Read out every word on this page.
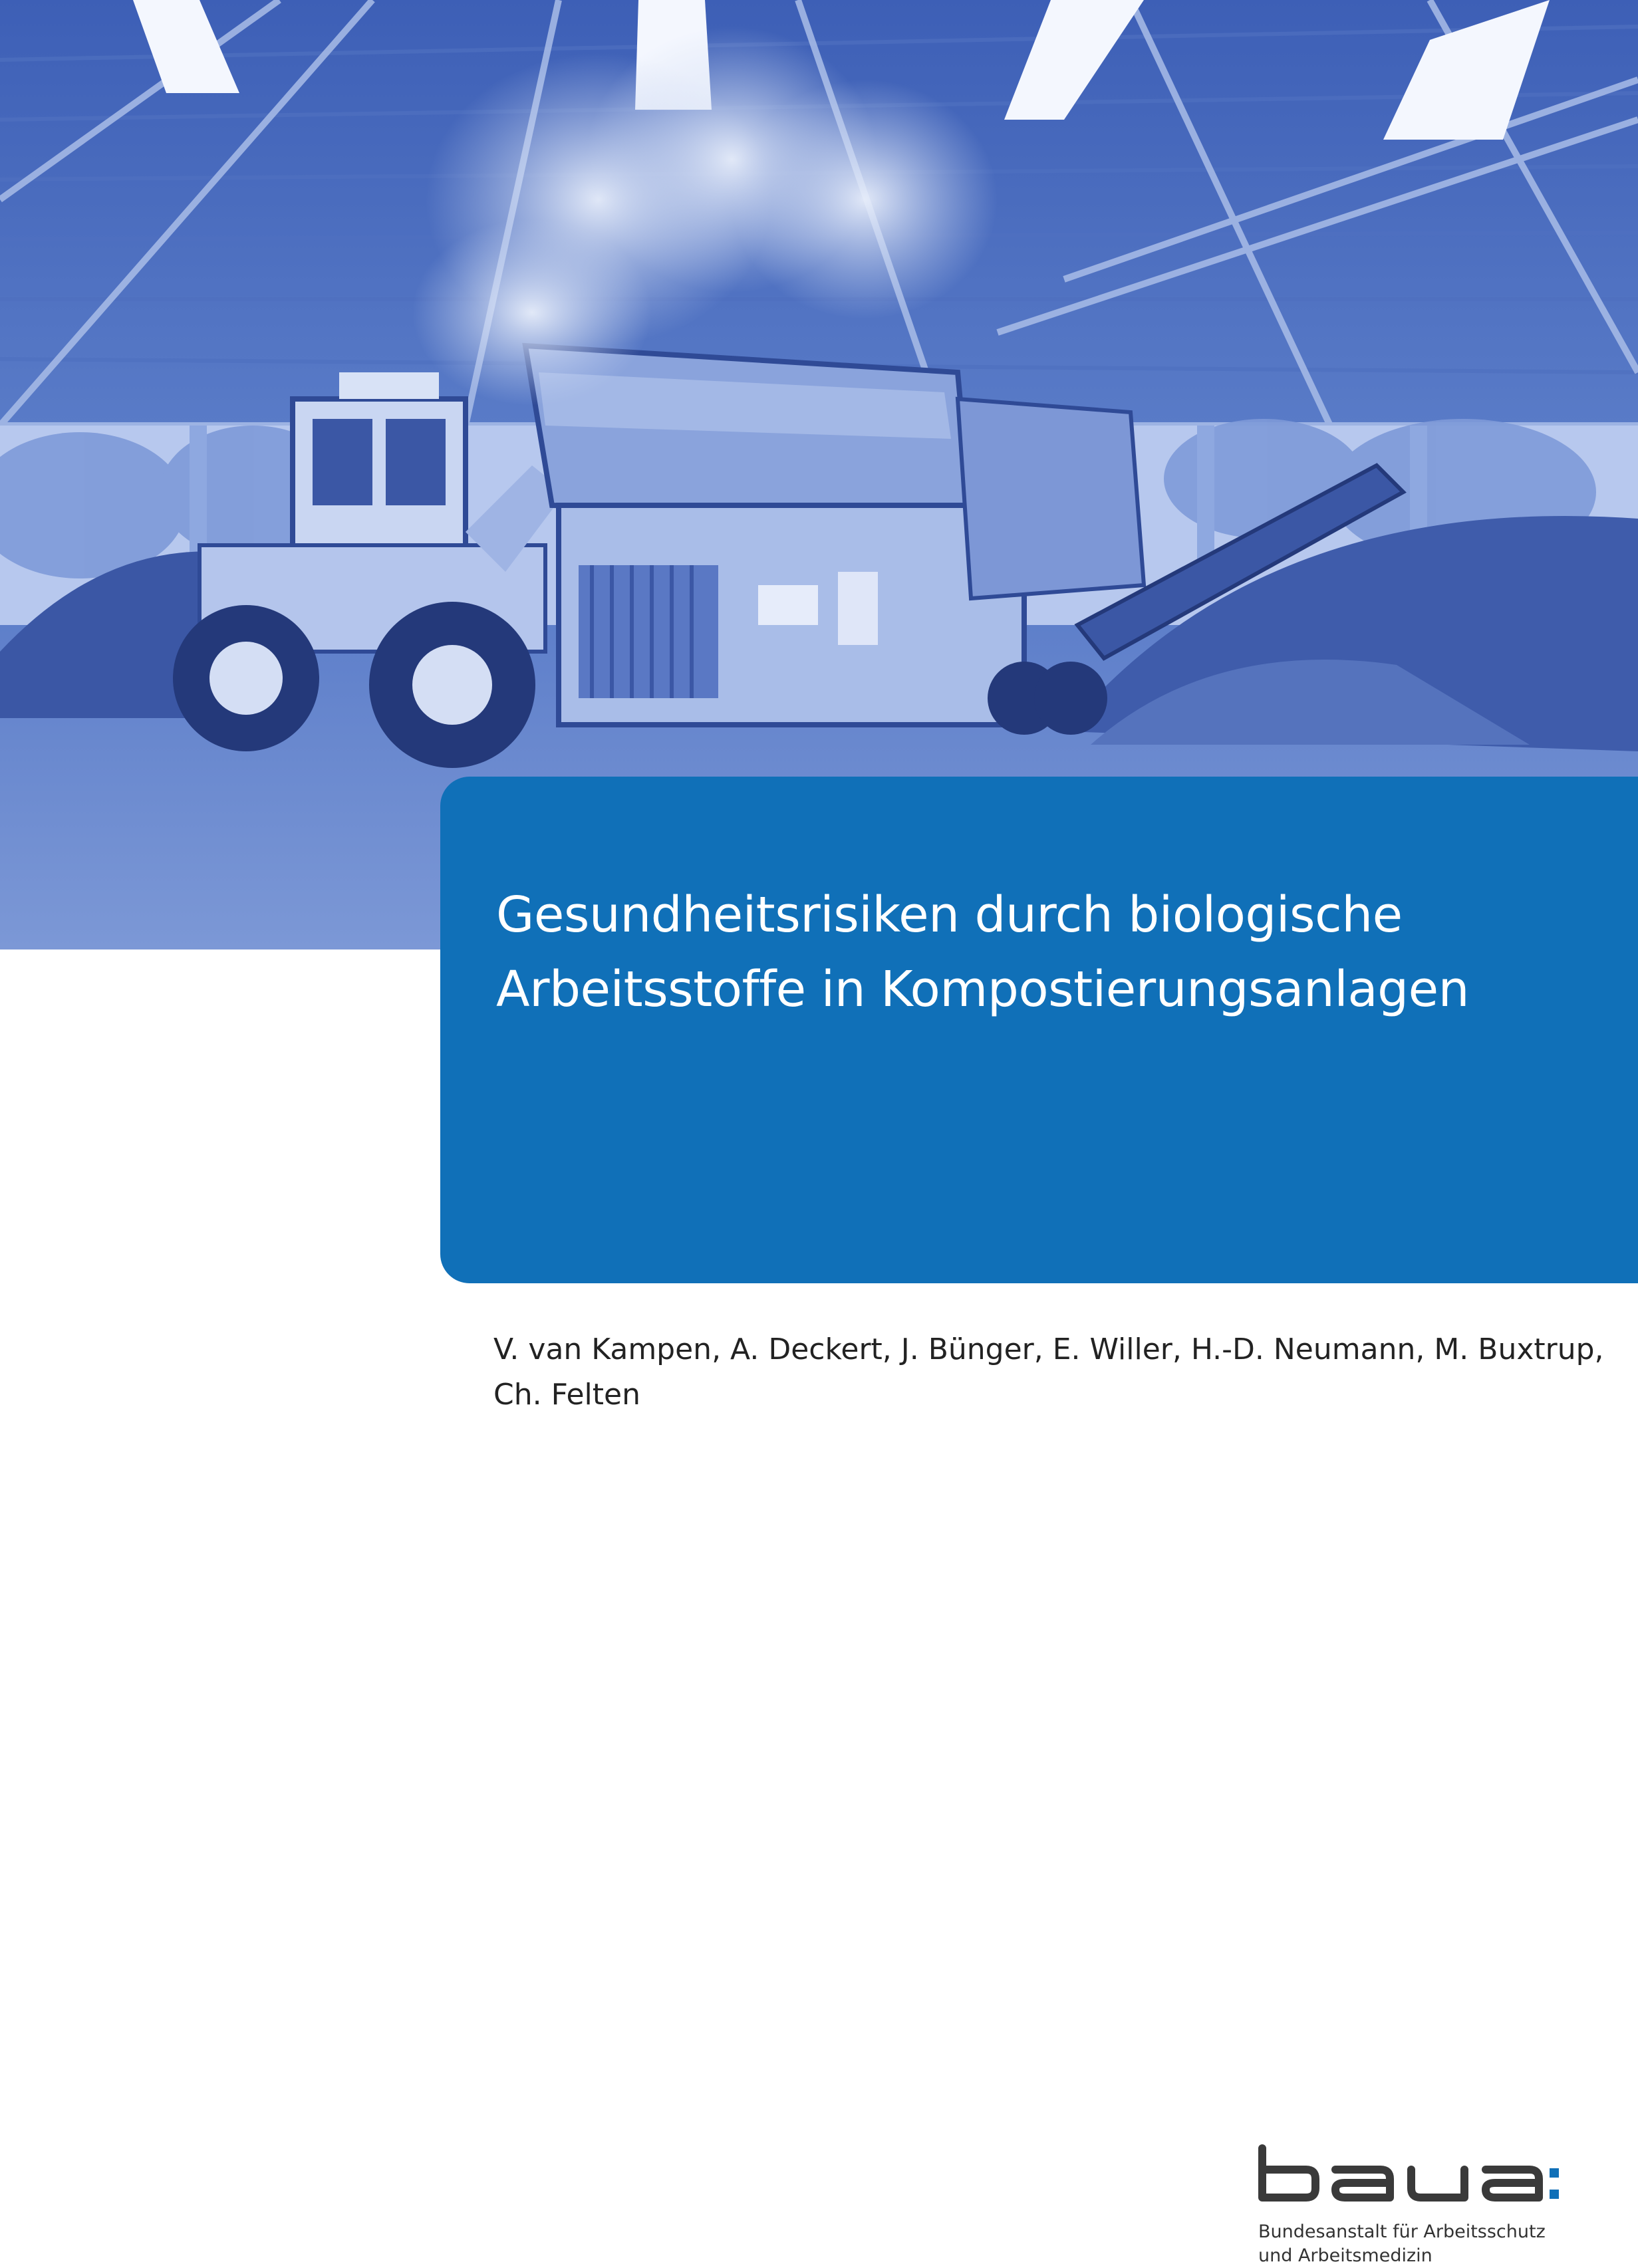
Gesundheitsrisiken durch biologische
Arbeitsstoffe in Kompostierungsanlagen
V. van Kampen, A. Deckert, J. Bünger, E. Willer, H.-D. Neumann, M. Buxtrup,
Ch. Felten
Bundesanstalt für Arbeitsschutz
und Arbeitsmedizin
